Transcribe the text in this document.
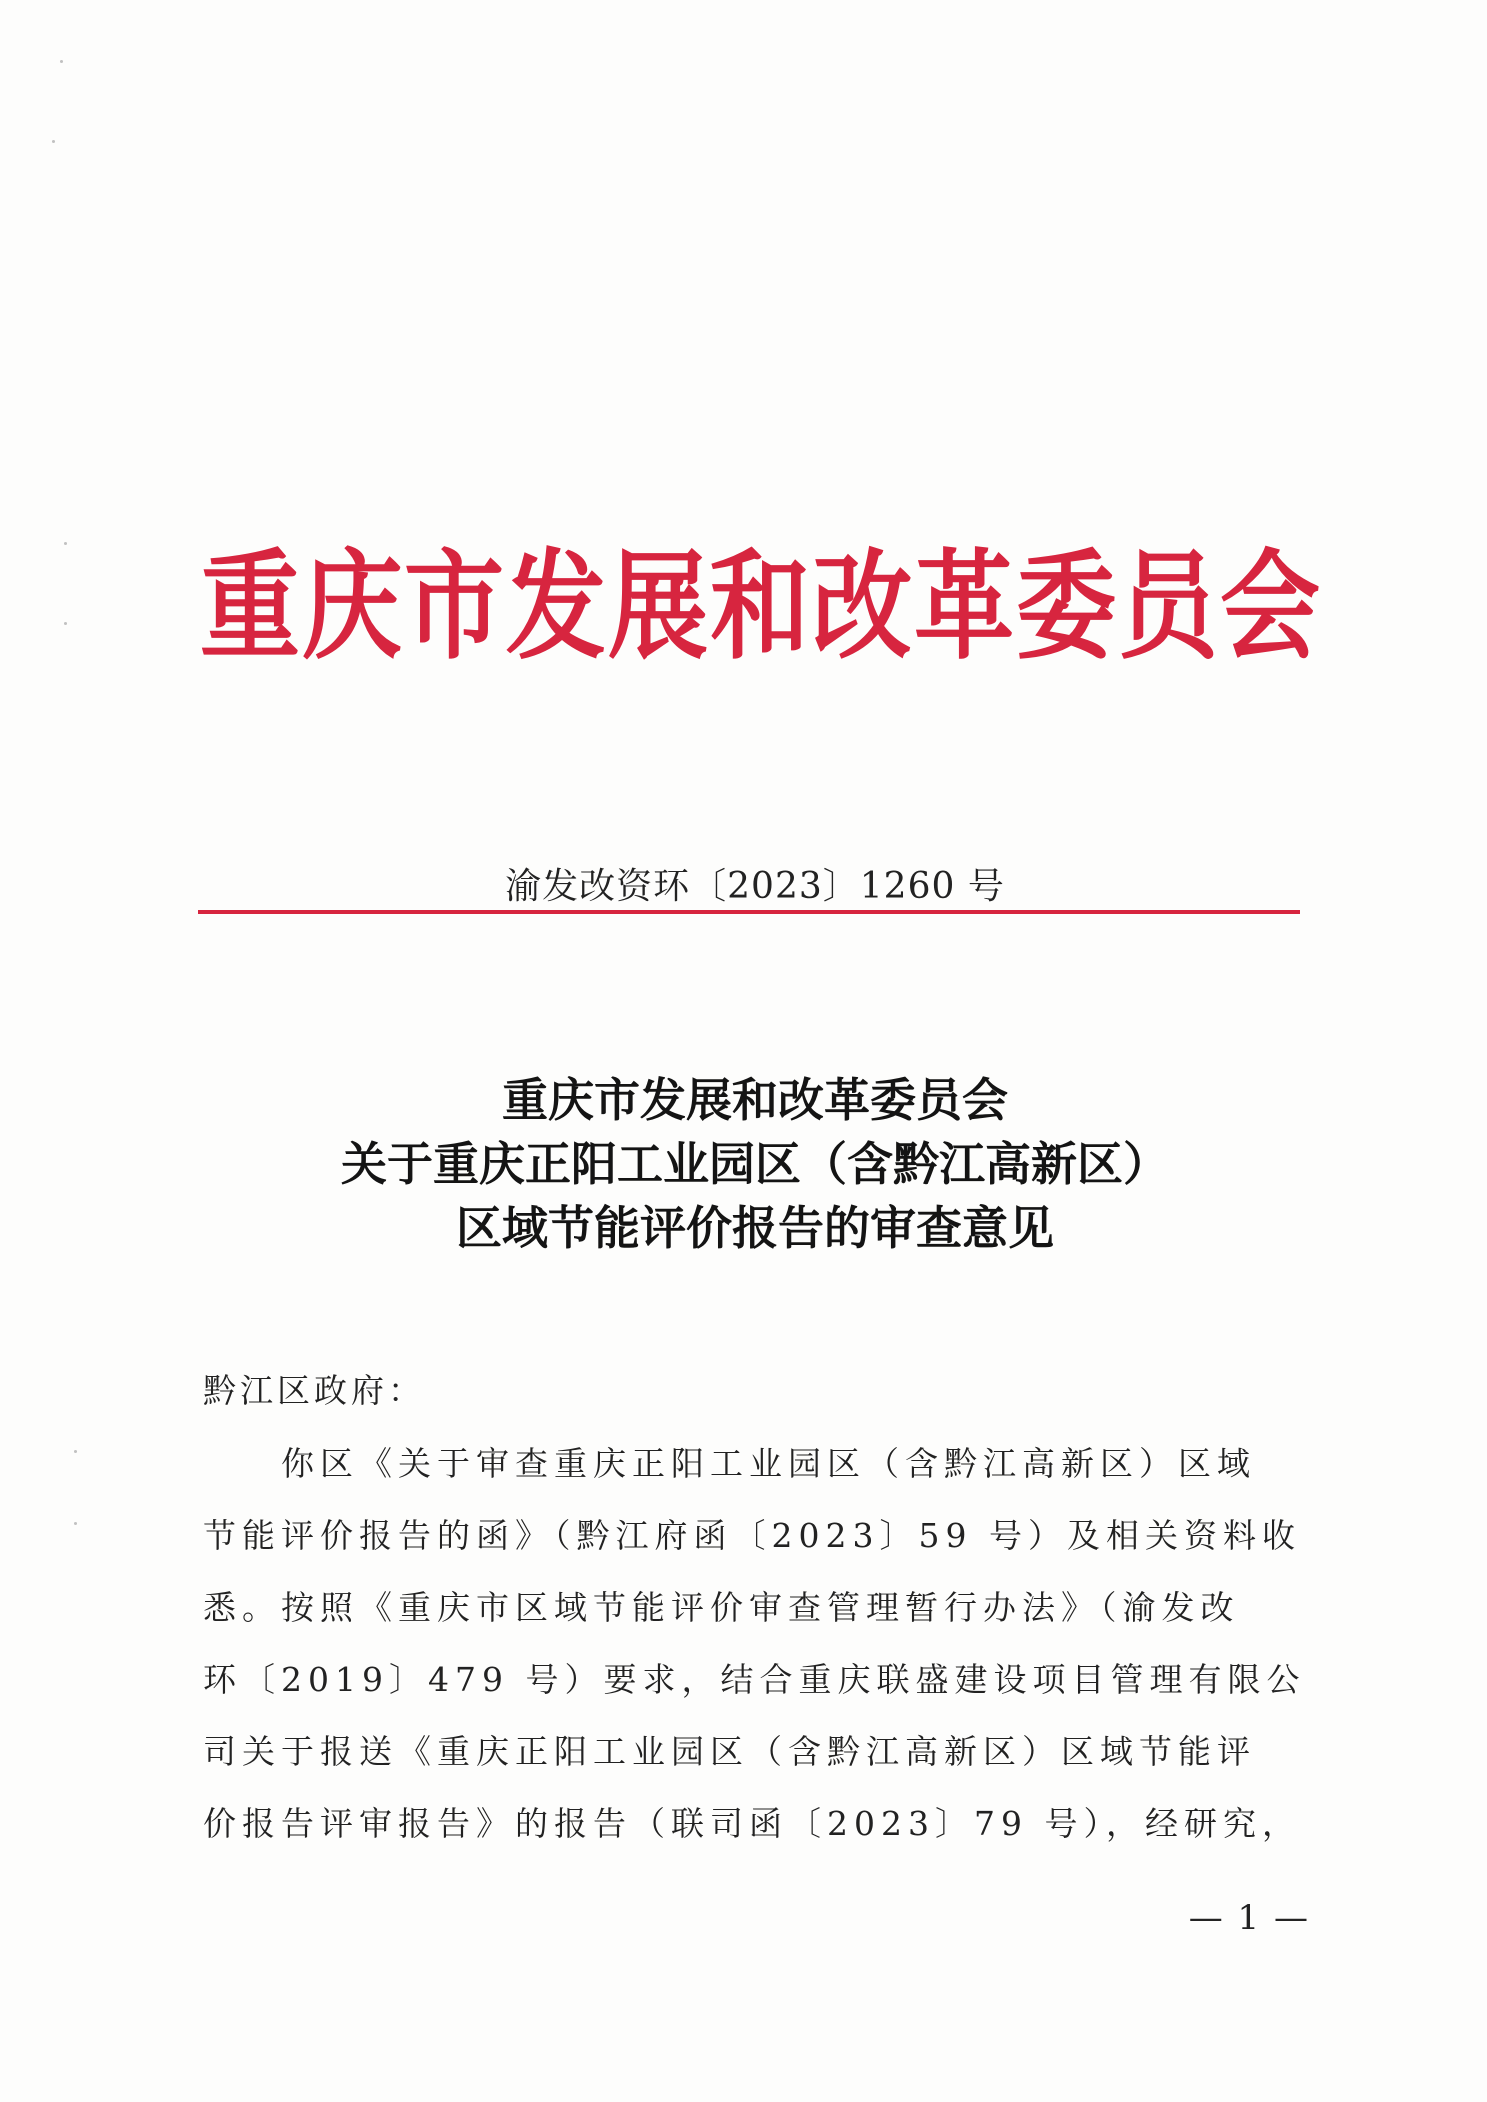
重庆市发展和改革委员会
渝发改资环〔2023〕1260 号
重庆市发展和改革委员会
关于重庆正阳工业园区（含黔江高新区）
区域节能评价报告的审查意见
黔江区政府：
你区《关于审查重庆正阳工业园区（含黔江高新区）区域
节能评价报告的函》（黔江府函〔2023〕59 号）及相关资料收
悉。按照《重庆市区域节能评价审查管理暂行办法》（渝发改
环〔2019〕479 号）要求，结合重庆联盛建设项目管理有限公
司关于报送《重庆正阳工业园区（含黔江高新区）区域节能评
价报告评审报告》的报告（联司函〔2023〕79 号），经研究，
— 1 —
